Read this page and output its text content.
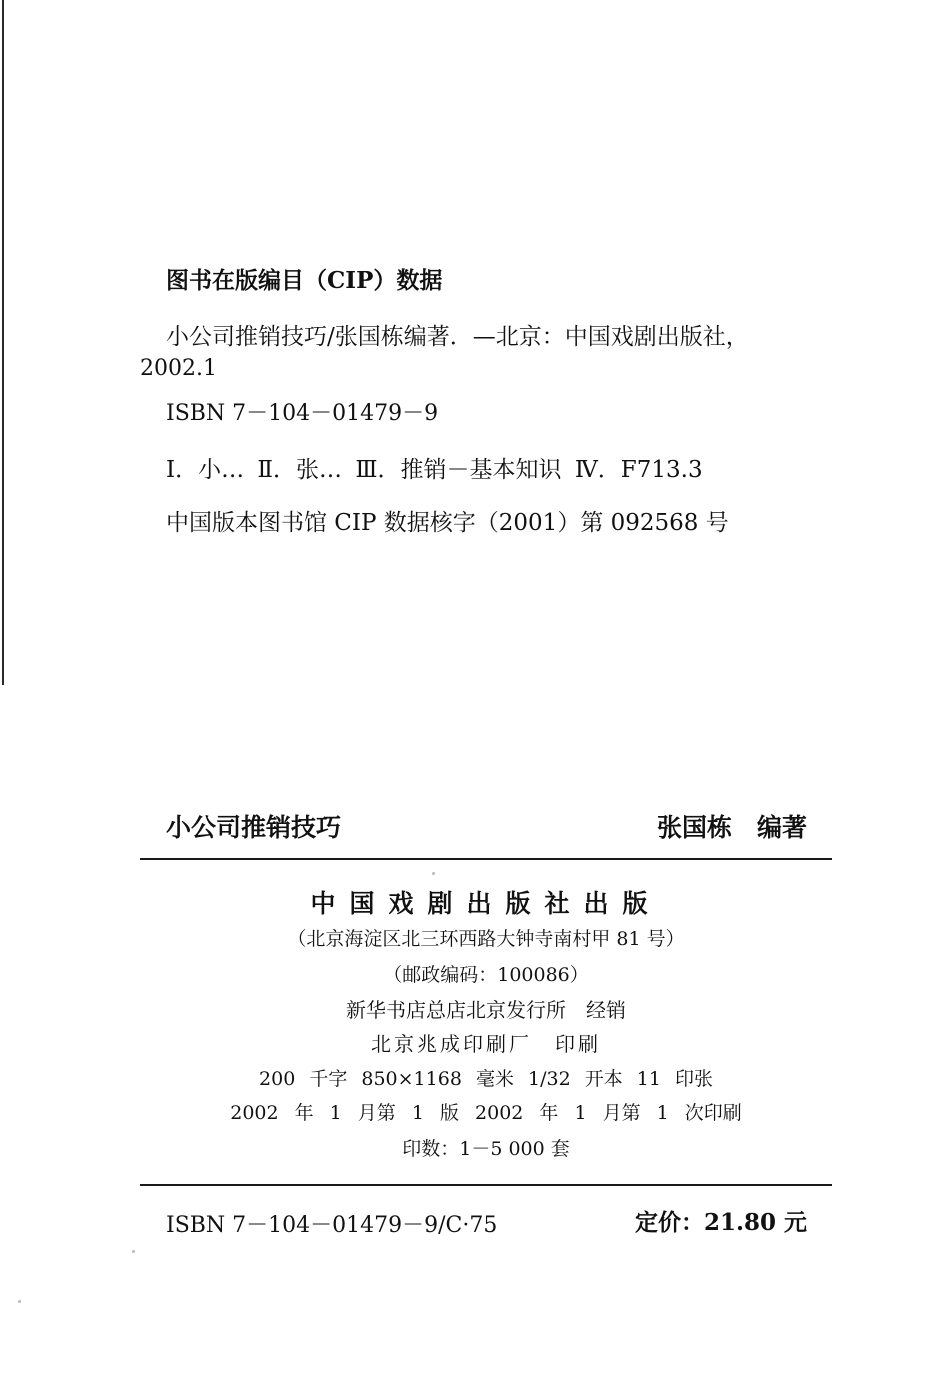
图书在版编目（CIP）数据
小公司推销技巧/张国栋编著．—北京：中国戏剧出版社，
2002.1
ISBN 7－104－01479－9
Ⅰ．小… Ⅱ．张… Ⅲ．推销－基本知识 Ⅳ．F713.3
中国版本图书馆 CIP 数据核字（2001）第 092568 号
小公司推销技巧	张国栋　编著
中国戏剧出版社出版
（北京海淀区北三环西路大钟寺南村甲 81 号）
（邮政编码：100086）
新华书店总店北京发行所　经销
北京兆成印刷厂　印刷
200 千字 850×1168 毫米 1/32 开本 11 印张
2002 年 1 月第 1 版 2002 年 1 月第 1 次印刷
印数：1－5 000 套
ISBN 7－104－01479－9/C·75	定价：21.80 元
